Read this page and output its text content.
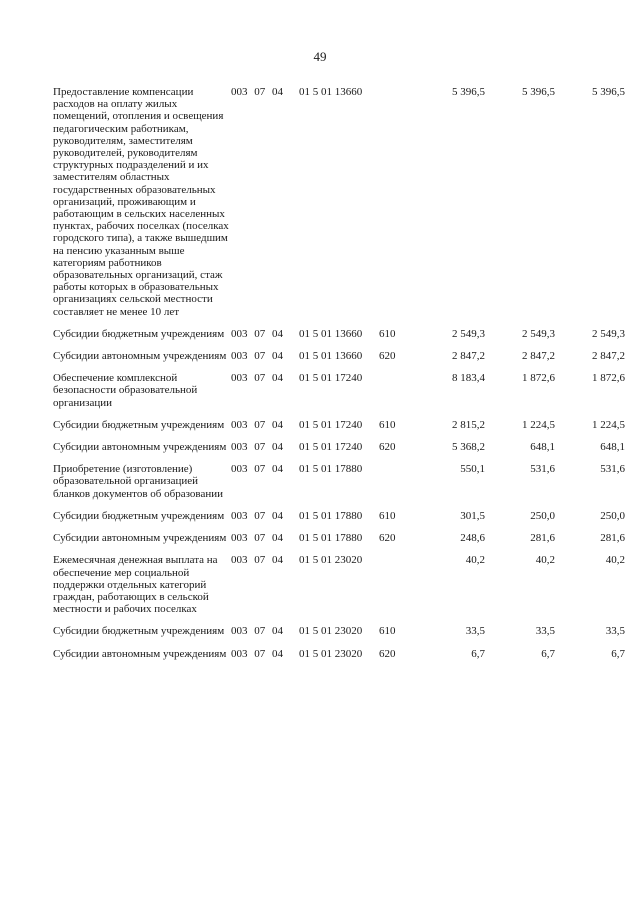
49
Предоставление компенсации расходов на оплату жилых помещений, отопления и освещения педагогическим работникам, руководителям, заместителям руководителей, руководителям структурных подразделений и их заместителям областных государственных образовательных организаций, проживающим и работающим в сельских населенных пунктах, рабочих поселках (поселках городского типа), а также вышедшим на пенсию указанным выше категориям работников образовательных организаций, стаж работы которых в образовательных организациях сельской местности составляет не менее 10 лет	003 07 04	01 5 01 13660		5 396,5	5 396,5	5 396,5
Субсидии бюджетным учреждениям	003 07 04	01 5 01 13660	610	2 549,3	2 549,3	2 549,3
Субсидии автономным учреждениям	003 07 04	01 5 01 13660	620	2 847,2	2 847,2	2 847,2
Обеспечение комплексной безопасности образовательной организации	003 07 04	01 5 01 17240		8 183,4	1 872,6	1 872,6
Субсидии бюджетным учреждениям	003 07 04	01 5 01 17240	610	2 815,2	1 224,5	1 224,5
Субсидии автономным учреждениям	003 07 04	01 5 01 17240	620	5 368,2	648,1	648,1
Приобретение (изготовление) образовательной организацией бланков документов об образовании	003 07 04	01 5 01 17880		550,1	531,6	531,6
Субсидии бюджетным учреждениям	003 07 04	01 5 01 17880	610	301,5	250,0	250,0
Субсидии автономным учреждениям	003 07 04	01 5 01 17880	620	248,6	281,6	281,6
Ежемесячная денежная выплата на обеспечение мер социальной поддержки отдельных категорий граждан, работающих в сельской местности и рабочих поселках	003 07 04	01 5 01 23020		40,2	40,2	40,2
Субсидии бюджетным учреждениям	003 07 04	01 5 01 23020	610	33,5	33,5	33,5
Субсидии автономным учреждениям	003 07 04	01 5 01 23020	620	6,7	6,7	6,7
